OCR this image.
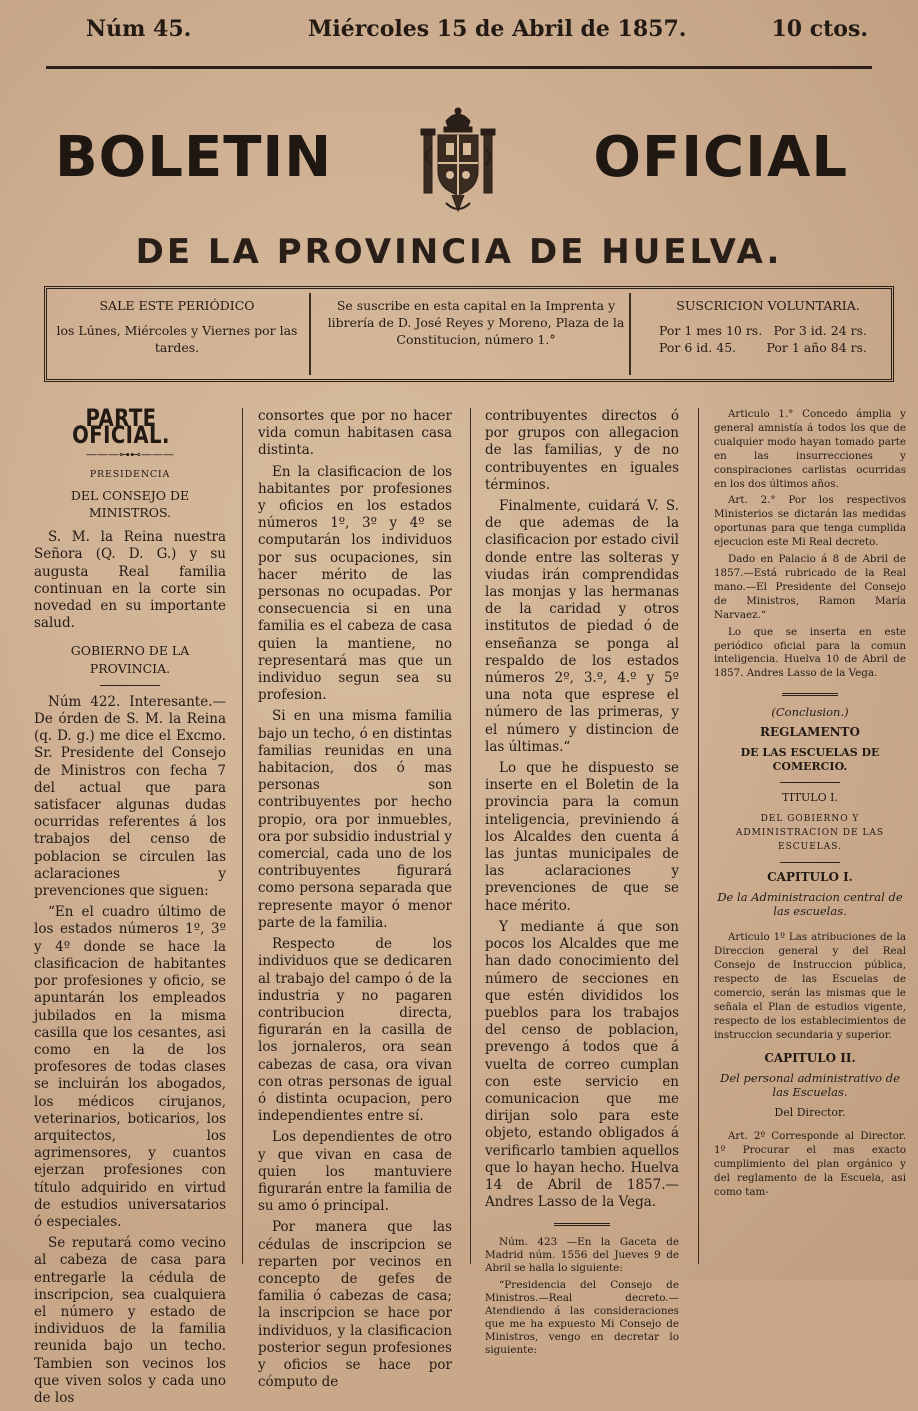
Núm 45.	Miércoles 15 de Abril de 1857.	10 ctos.
BOLETIN	OFICIAL
DE LA PROVINCIA DE HUELVA.
SALE ESTE PERIÓDICO
los Lúnes, Miércoles y Viernes por las tardes.
Se suscribe en esta capital en la Imprenta y librería de D. José Reyes y Moreno, Plaza de la Constitucion, número 1.°
SUSCRICION VOLUNTARIA.
Por 1 mes 10 rs. Por 3 id. 24 rs.
Por 6 id. 45. Por 1 año 84 rs.
PARTE OFICIAL.
———⊶⊷———
PRESIDENCIA
DEL CONSEJO DE MINISTROS.

S. M. la Reina nuestra Señora (Q. D. G.) y su augusta Real familia continuan en la corte sin novedad en su importante salud.

GOBIERNO DE LA PROVINCIA.

Núm 422. Interesante.— De órden de S. M. la Reina (q. D. g.) me dice el Excmo. Sr. Presidente del Consejo de Ministros con fecha 7 del actual que para satisfacer algunas dudas ocurridas referentes á los trabajos del censo de poblacion se circulen las aclaraciones y prevenciones que siguen:

“En el cuadro último de los estados números 1º, 3º y 4º donde se hace la clasificacion de habitantes por profesiones y oficio, se apuntarán los empleados jubilados en la misma casilla que los cesantes, asi como en la de los profesores de todas clases se incluirán los abogados, los médicos cirujanos, veterinarios, boticarios, los arquitectos, los agrimensores, y cuantos ejerzan profesiones con título adquirido en virtud de estudios universatarios ó especiales.

Se reputará como vecino al cabeza de casa para entregarle la cédula de inscripcion, sea cualquiera el número y estado de individuos de la familia reunida bajo un techo. Tambien son vecinos los que viven solos y cada uno de los

consortes que por no hacer vida comun habitasen casa distinta.

En la clasificacion de los habitantes por profesiones y oficios en los estados números 1º, 3º y 4º se computarán los individuos por sus ocupaciones, sin hacer mérito de las personas no ocupadas. Por consecuencia si en una familia es el cabeza de casa quien la mantiene, no representará mas que un individuo segun sea su profesion.

Si en una misma familia bajo un techo, ó en distintas familias reunidas en una habitacion, dos ó mas personas son contribuyentes por hecho propio, ora por inmuebles, ora por subsidio industrial y comercial, cada uno de los contribuyentes figurará como persona separada que represente mayor ó menor parte de la familia.

Respecto de los individuos que se dedicaren al trabajo del campo ó de la industria y no pagaren contribucion directa, figurarán en la casilla de los jornaleros, ora sean cabezas de casa, ora vivan con otras personas de igual ó distinta ocupacion, pero independientes entre sí.

Los dependientes de otro y que vivan en casa de quien los mantuviere figurarán entre la familia de su amo ó principal.

Por manera que las cédulas de inscripcion se reparten por vecinos en concepto de gefes de familia ó cabezas de casa; la inscripcion se hace por individuos, y la clasificacion posterior segun profesiones y oficios se hace por cómputo de

contribuyentes directos ó por grupos con allegacion de las familias, y de no contribuyentes en iguales términos.

Finalmente, cuidará V. S. de que ademas de la clasificacion por estado civil donde entre las solteras y viudas irán comprendidas las monjas y las hermanas de la caridad y otros institutos de piedad ó de enseñanza se ponga al respaldo de los estados números 2º, 3.º, 4.º y 5º una nota que esprese el número de las primeras, y el número y distincion de las últimas.“

Lo que he dispuesto se inserte en el Boletin de la provincia para la comun inteligencia, previniendo á los Alcaldes den cuenta á las juntas municipales de las aclaraciones y prevenciones de que se hace mérito.

Y mediante á que son pocos los Alcaldes que me han dado conocimiento del número de secciones en que estén divididos los pueblos para los trabajos del censo de poblacion, prevengo á todos que á vuelta de correo cumplan con este servicio en comunicacion que me dirijan solo para este objeto, estando obligados á verificarlo tambien aquellos que lo hayan hecho. Huelva 14 de Abril de 1857.—Andres Lasso de la Vega.

Núm. 423 —En la Gaceta de Madrid núm. 1556 del Jueves 9 de Abril se halla lo siguiente:

“Presidencia del Consejo de Ministros.—Real decreto.—Atendiendo á las consideraciones que me ha expuesto Mi Consejo de Ministros, vengo en decretar lo siguiente:

Articulo 1.° Concedo ámplia y general amnistía á todos los que de cualquier modo hayan tomado parte en las insurrecciones y conspiraciones carlistas ocurridas en los dos últimos años.

Art. 2.° Por los respectivos Ministerios se dictarán las medidas oportunas para que tenga cumplida ejecucion este Mi Real decreto.

Dado en Palacio á 8 de Abril de 1857.—Está rubricado de la Real mano.—El Presidente del Consejo de Ministros, Ramon María Narvaez.“

Lo que se inserta en este periódico oficial para la comun inteligencia. Huelva 10 de Abril de 1857. Andres Lasso de la Vega.

(Conclusion.)
REGLAMENTO
DE LAS ESCUELAS DE COMERCIO.
TITULO I.
DEL GOBIERNO Y ADMINISTRACION DE LAS ESCUELAS.
CAPITULO I.
De la Administracion central de las escuelas.

Articulo 1º Las atribuciones de la Direccion general y del Real Consejo de Instruccion pública, respecto de las Escuelas de comercio, serán las mismas que le señala el Plan de estudios vigente, respecto de los establecimientos de instruccion secundaria y superior.

CAPITULO II.
Del personal administrativo de las Escuelas.
Del Director.

Art. 2º Corresponde al Director. 1º Procurar el mas exacto cumplimiento del plan orgánico y del reglamento de la Escuela, asi como tam-
